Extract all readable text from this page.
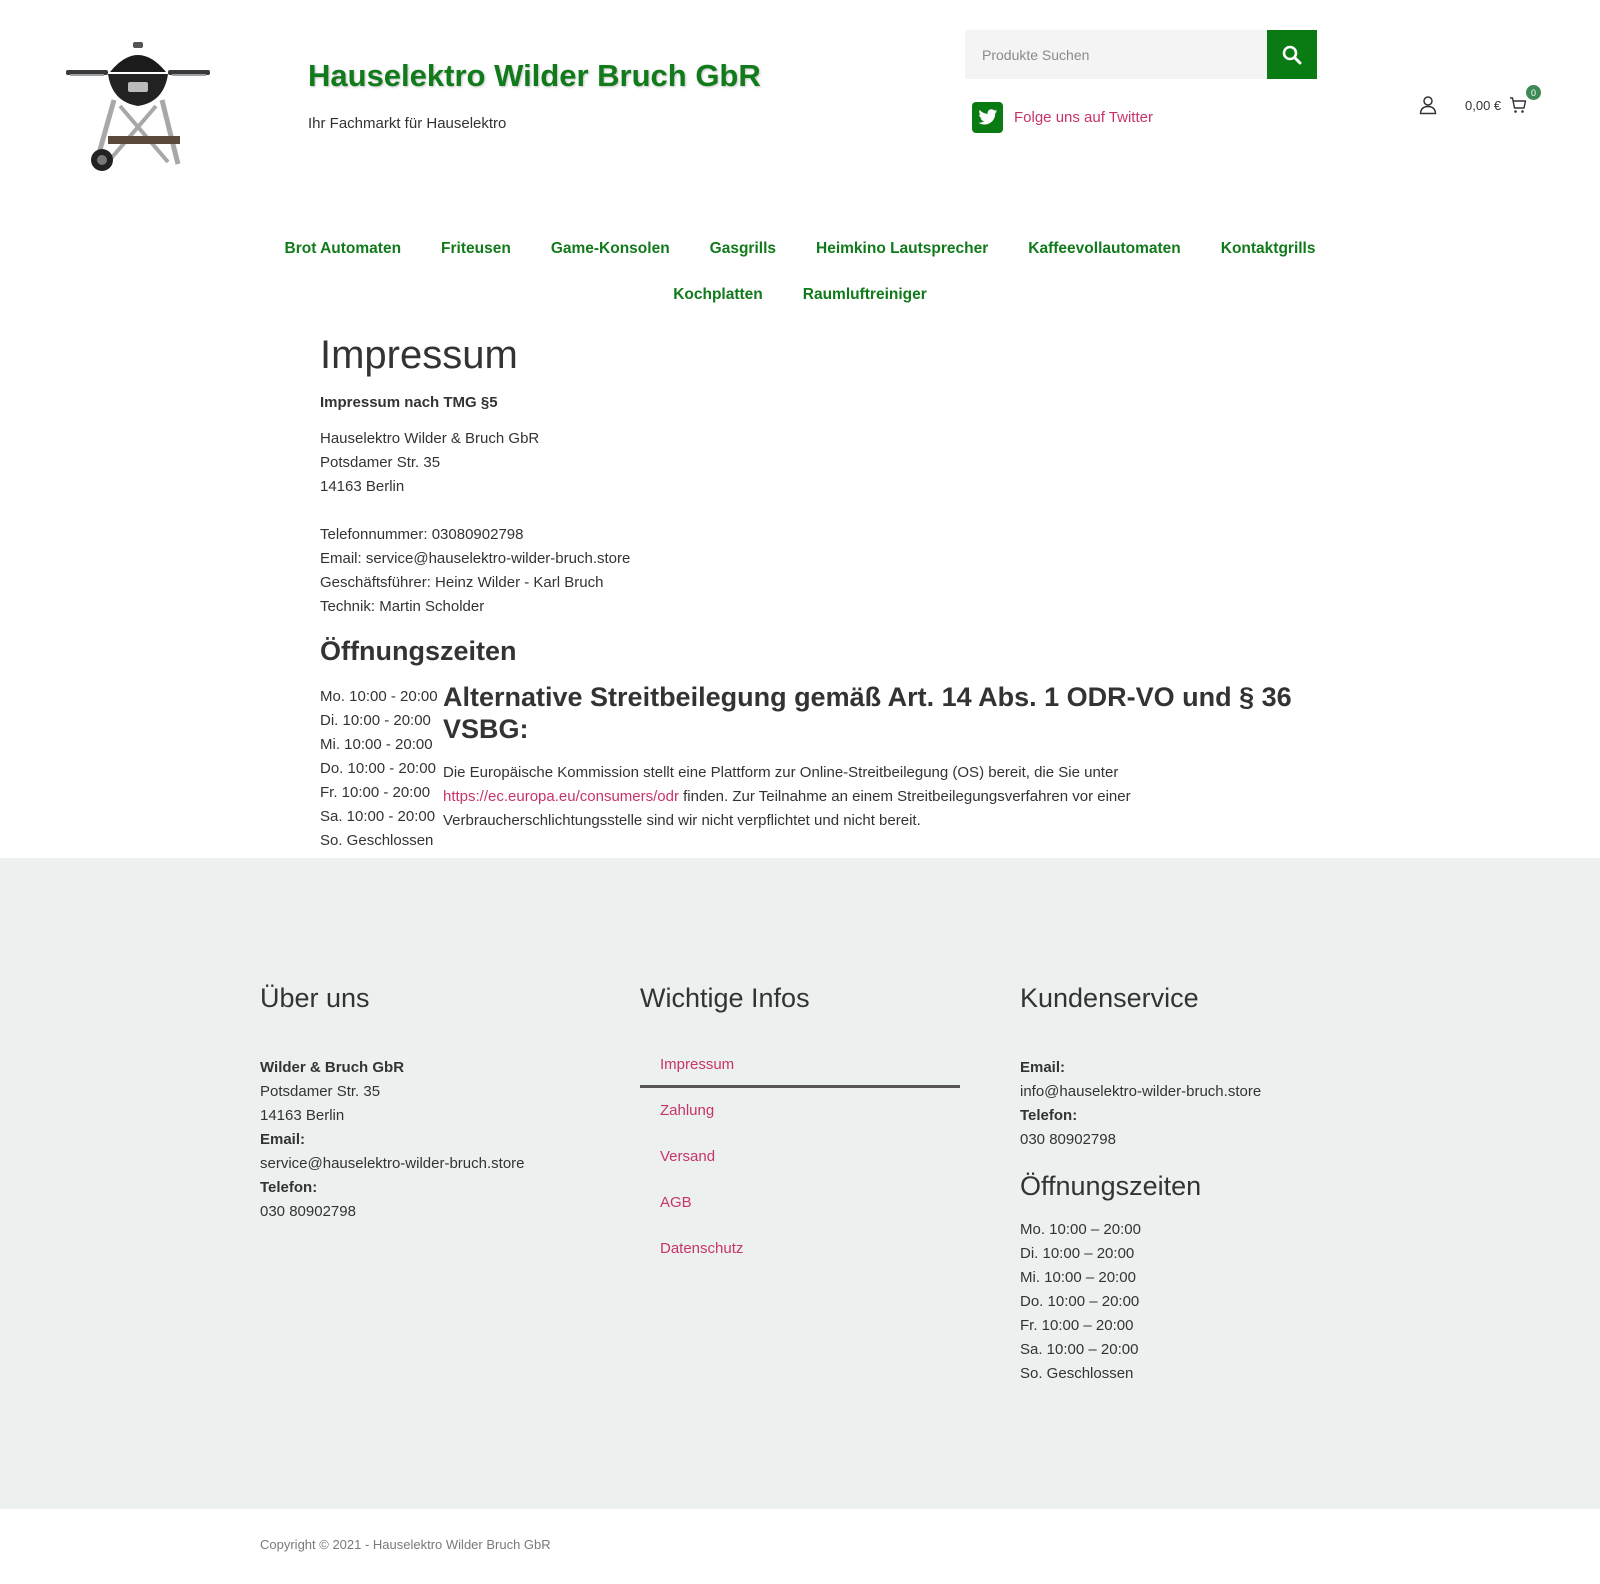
Hauselektro Wilder Bruch GbR
Ihr Fachmarkt für Hauselektro
Produkte Suchen	Folge uns auf Twitter
0,00 €
0
Brot Automaten	Friteusen	Game-Konsolen	Gasgrills	Heimkino Lautsprecher	Kaffeevollautomaten	Kontaktgrills
Kochplatten	Raumluftreiniger
Impressum
Impressum nach TMG §5
Hauselektro Wilder & Bruch GbR
Potsdamer Str. 35
14163 Berlin
Telefonnummer: 03080902798
Email: service@hauselektro-wilder-bruch.store
Geschäftsführer: Heinz Wilder - Karl Bruch
Technik: Martin Scholder
Öffnungszeiten
Mo. 10:00 - 20:00
Di. 10:00 - 20:00
Mi. 10:00 - 20:00
Do. 10:00 - 20:00
Fr. 10:00 - 20:00
Sa. 10:00 - 20:00
So. Geschlossen
Alternative Streitbeilegung gemäß Art. 14 Abs. 1 ODR-VO und § 36 VSBG:

Die Europäische Kommission stellt eine Plattform zur Online-Streitbeilegung (OS) bereit, die Sie unter https://ec.europa.eu/consumers/odr finden. Zur Teilnahme an einem Streitbeilegungsverfahren vor einer Verbraucherschlichtungsstelle sind wir nicht verpflichtet und nicht bereit.

Über uns
Wilder & Bruch GbR
Potsdamer Str. 35
14163 Berlin
Email:
service@hauselektro-wilder-bruch.store
Telefon:
030 80902798
Wichtige Infos
Impressum
Zahlung
Versand
AGB
Datenschutz
Kundenservice
Email:
info@hauselektro-wilder-bruch.store
Telefon:
030 80902798
Öffnungszeiten
Mo. 10:00 – 20:00
Di. 10:00 – 20:00
Mi. 10:00 – 20:00
Do. 10:00 – 20:00
Fr. 10:00 – 20:00
Sa. 10:00 – 20:00
So. Geschlossen
Copyright © 2021 - Hauselektro Wilder Bruch GbR
